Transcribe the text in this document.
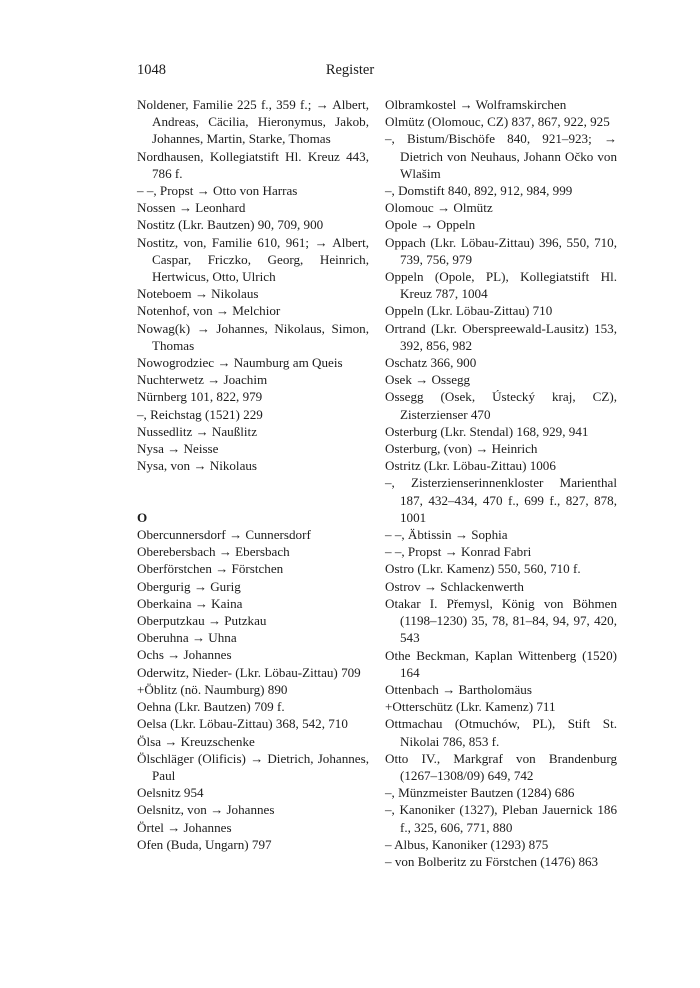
1048	Register
Noldener, Familie 225 f., 359 f.; → Albert, Andreas, Cäcilia, Hieronymus, Jakob, Johannes, Martin, Starke, Thomas
Nordhausen, Kollegiatstift Hl. Kreuz 443, 786 f.
– –, Propst → Otto von Harras
Nossen → Leonhard
Nostitz (Lkr. Bautzen) 90, 709, 900
Nostitz, von, Familie 610, 961; → Albert, Caspar, Friczko, Georg, Heinrich, Hertwicus, Otto, Ulrich
Noteboem → Nikolaus
Notenhof, von → Melchior
Nowag(k) → Johannes, Nikolaus, Simon, Thomas
Nowogrodziec → Naumburg am Queis
Nuchterwetz → Joachim
Nürnberg 101, 822, 979
–, Reichstag (1521) 229
Nussedlitz → Naußlitz
Nysa → Neisse
Nysa, von → Nikolaus
O
Obercunnersdorf → Cunnersdorf
Oberebersbach → Ebersbach
Oberförstchen → Förstchen
Obergurig → Gurig
Oberkaina → Kaina
Oberputzkau → Putzkau
Oberuhna → Uhna
Ochs → Johannes
Oderwitz, Nieder- (Lkr. Löbau-Zittau) 709
+Öblitz (nö. Naumburg) 890
Oehna (Lkr. Bautzen) 709 f.
Oelsa (Lkr. Löbau-Zittau) 368, 542, 710
Ölsa → Kreuzschenke
Ölschläger (Olificis) → Dietrich, Johannes, Paul
Oelsnitz 954
Oelsnitz, von → Johannes
Örtel → Johannes
Ofen (Buda, Ungarn) 797
Olbramkostel → Wolframskirchen
Olmütz (Olomouc, CZ) 837, 867, 922, 925
–, Bistum/Bischöfe 840, 921–923; → Dietrich von Neuhaus, Johann Očko von Wlašim
–, Domstift 840, 892, 912, 984, 999
Olomouc → Olmütz
Opole → Oppeln
Oppach (Lkr. Löbau-Zittau) 396, 550, 710, 739, 756, 979
Oppeln (Opole, PL), Kollegiatstift Hl. Kreuz 787, 1004
Oppeln (Lkr. Löbau-Zittau) 710
Ortrand (Lkr. Oberspreewald-Lausitz) 153, 392, 856, 982
Oschatz 366, 900
Osek → Ossegg
Ossegg (Osek, Ústecký kraj, CZ), Zisterzienser 470
Osterburg (Lkr. Stendal) 168, 929, 941
Osterburg, (von) → Heinrich
Ostritz (Lkr. Löbau-Zittau) 1006
–, Zisterzienserinnenkloster Marienthal 187, 432–434, 470 f., 699 f., 827, 878, 1001
– –, Äbtissin → Sophia
– –, Propst → Konrad Fabri
Ostro (Lkr. Kamenz) 550, 560, 710 f.
Ostrov → Schlackenwerth
Otakar I. Přemysl, König von Böhmen (1198–1230) 35, 78, 81–84, 94, 97, 420, 543
Othe Beckman, Kaplan Wittenberg (1520) 164
Ottenbach → Bartholomäus
+Otterschütz (Lkr. Kamenz) 711
Ottmachau (Otmuchów, PL), Stift St. Nikolai 786, 853 f.
Otto IV., Markgraf von Brandenburg (1267–1308/09) 649, 742
–, Münzmeister Bautzen (1284) 686
–, Kanoniker (1327), Pleban Jauernick 186 f., 325, 606, 771, 880
– Albus, Kanoniker (1293) 875
– von Bolberitz zu Förstchen (1476) 863
